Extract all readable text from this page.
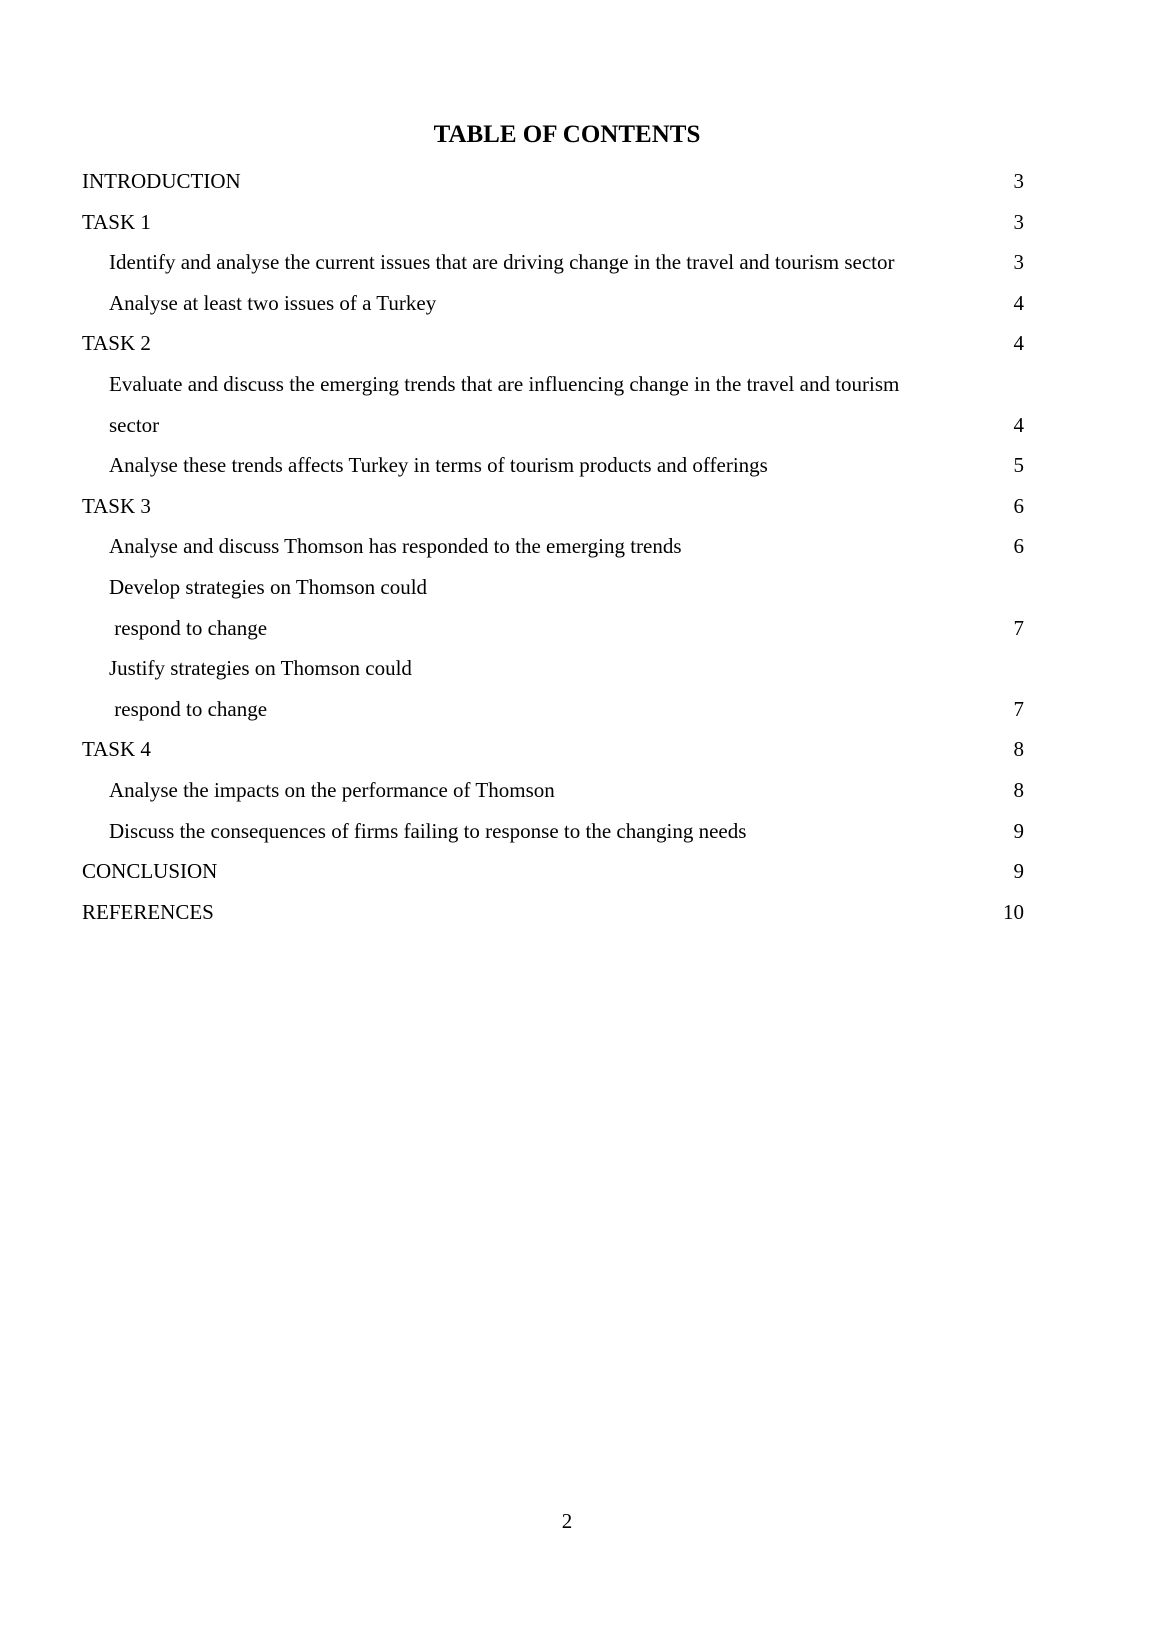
TABLE OF CONTENTS
INTRODUCTION	3
TASK 1	3
Identify and analyse the current issues that are driving change in the travel and tourism sector	3
Analyse at least two issues of a Turkey	4
TASK 2	4
Evaluate and discuss the emerging trends that are influencing change in the travel and tourism
sector	4
Analyse these trends affects Turkey in terms of tourism products and offerings	5
TASK 3	6
Analyse and discuss Thomson has responded to the emerging trends	6
Develop strategies on Thomson could
respond to change	7
Justify strategies on Thomson could
respond to change	7
TASK 4	8
Analyse the impacts on the performance of Thomson	8
Discuss the consequences of firms failing to response to the changing needs	9
CONCLUSION	9
REFERENCES	10
2
